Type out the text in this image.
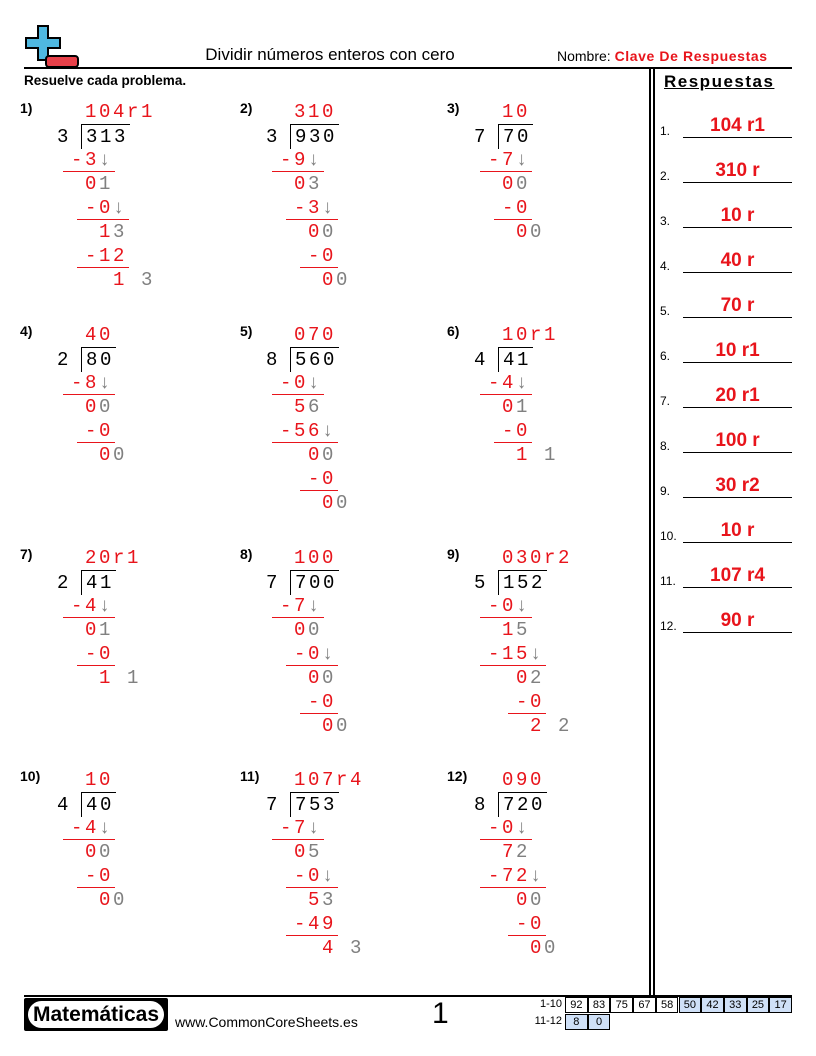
Dividir números enteros con cero	Nombre: Clave De Respuestas
Resuelve cada problema.	Respuestas
1.	104 r1
2.	310 r
3.	10 r
4.	40 r
5.	70 r
6.	10 r1
7.	20 r1
8.	100 r
9.	30 r2
10.	10 r
11.	107 r4
12.	90 r
1) 104r1
3 313
-3↓
01
-0↓
13
-12
1 3
2) 310
3 930
-9↓
03
-3↓
00
-0
00
3) 10
7 70
-7↓
00
-0
00
4) 40
2 80
-8↓
00
-0
00
5) 070
8 560
-0↓
56
-56↓
00
-0
00
6) 10r1
4 41
-4↓
01
-0
1 1
7) 20r1
2 41
-4↓
01
-0
1 1
8) 100
7 700
-7↓
00
-0↓
00
-0
00
9) 030r2
5 152
-0↓
15
-15↓
02
-0
2 2
10) 10
4 40
-4↓
00
-0
00
11) 107r4
7 753
-7↓
05
-0↓
53
-49
4 3
12) 090
8 720
-0↓
72
-72↓
00
-0
00
Matemáticas	www.CommonCoreSheets.es 1	1-10 92 83 75 67 58 50 42 33 25 17
11-12	8	0
